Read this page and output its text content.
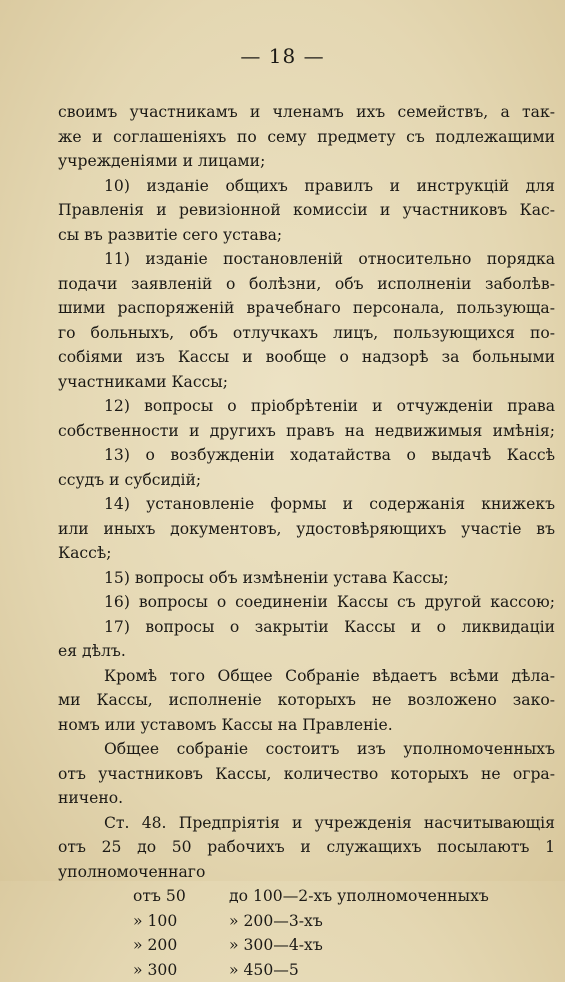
— 18 —
своимъ участникамъ и членамъ ихъ семействъ, а так-
же и соглашеніяхъ по сему предмету съ подлежащими
учрежденіями и лицами;
10) изданіе общихъ правилъ и инструкцій для
Правленія и ревизіонной комиссіи и участниковъ Кас-
сы въ развитіе сего устава;
11) изданіе постановленій относительно порядка
подачи заявленій о болѣзни, объ исполненіи заболѣв-
шими распоряженій врачебнаго персонала, пользующа-
го больныхъ, объ отлучкахъ лицъ, пользующихся по-
собіями изъ Кассы и вообще о надзорѣ за больными
участниками Кассы;
12) вопросы о пріобрѣтеніи и отчужденіи права
собственности и другихъ правъ на недвижимыя имѣнія;
13) о возбужденіи ходатайства о выдачѣ Кассѣ
ссудъ и субсидій;
14) установленіе формы и содержанія книжекъ
или иныхъ документовъ, удостовѣряющихъ участіе въ
Кассѣ;
15) вопросы объ измѣненіи устава Кассы;
16) вопросы о соединеніи Кассы съ другой кассою;
17) вопросы о закрытіи Кассы и о ликвидаціи
ея дѣлъ.
Кромѣ того Общее Собраніе вѣдаетъ всѣми дѣла-
ми Кассы, исполненіе которыхъ не возложено зако-
номъ или уставомъ Кассы на Правленіе.
Общее собраніе состоитъ изъ уполномоченныхъ
отъ участниковъ Кассы, количество которыхъ не огра-
ничено.
Ст. 48. Предпріятія и учрежденія насчитывающія
отъ 25 до 50 рабочихъ и служащихъ посылаютъ 1
уполномоченнаго
отъ 50	до 100—2-хъ уполномоченныхъ
» 100	» 200—3-хъ
» 200	» 300—4-хъ
» 300	» 450—5
